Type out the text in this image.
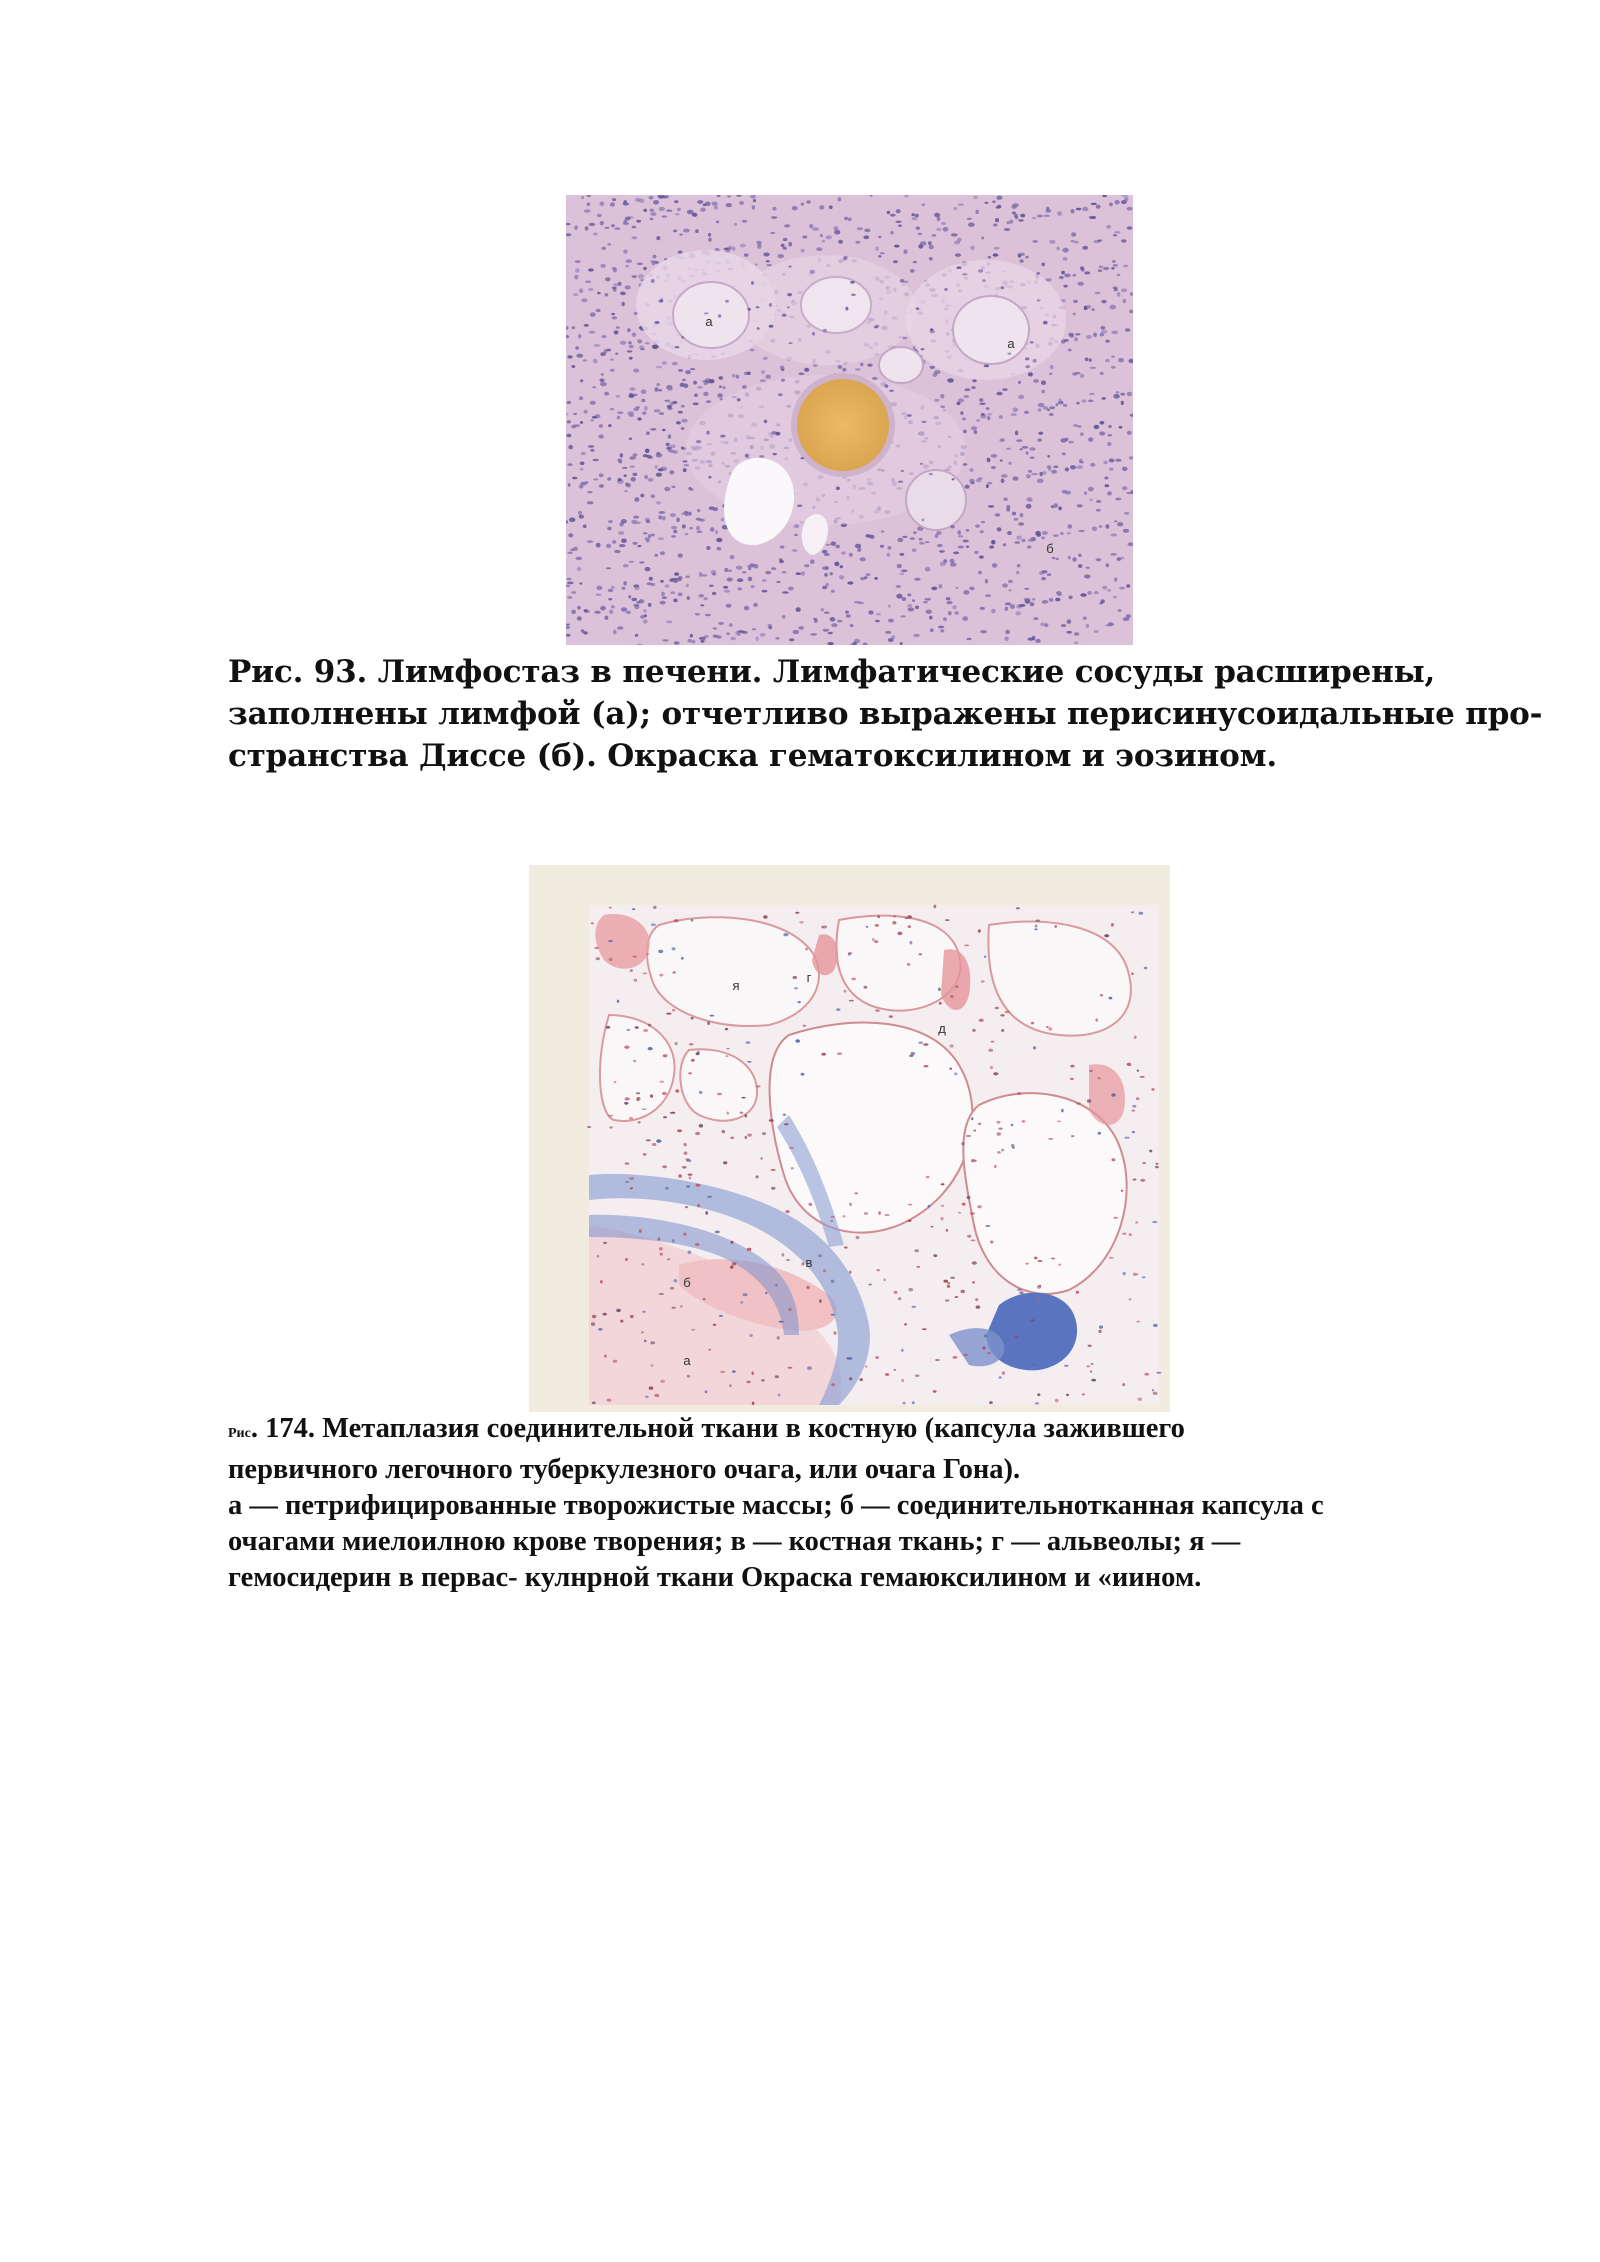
а
а
б
Рис. 93. Лимфостаз в печени. Лимфатические сосуды расширены,
заполнены лимфой (а); отчетливо выражены перисинусоидальные про-
странства Диссе (б). Окраска гематоксилином и эозином.
г
я
д
в
б
а
Рис. 174. Метаплазия соединительной ткани в костную (капсула зажившего
первичного легочного туберкулезного очага, или очага Гона).
а — петрифицированные творожистые массы; б — соединительнотканная капсула с
очагами миелоилною крове творения; в — костная ткань; г — альвеолы; я —
гемосидерин в первас- кулнрной ткани Окраска гемаюксилином и «иином.
